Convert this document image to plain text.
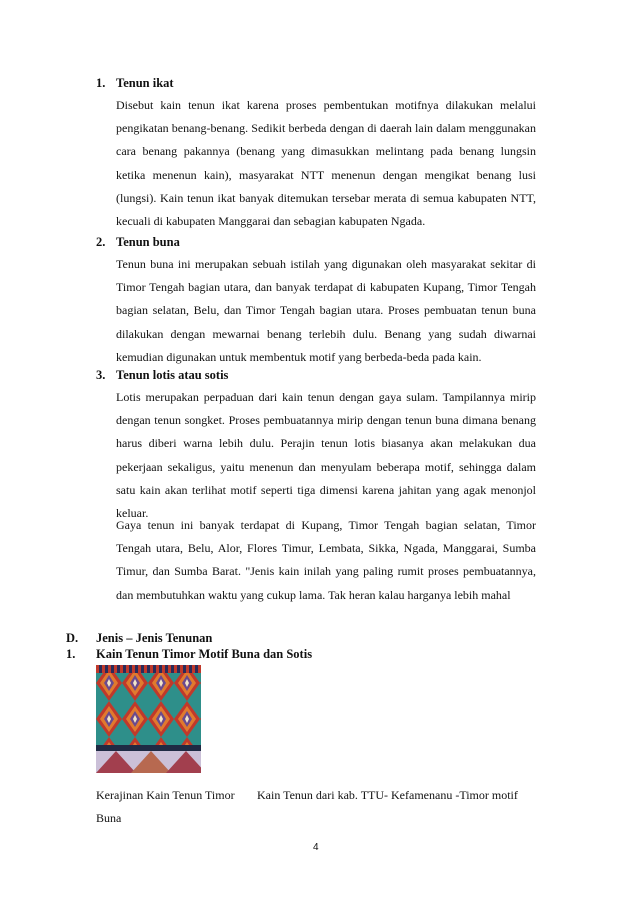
1. Tenun ikat

Disebut kain tenun ikat karena proses pembentukan motifnya dilakukan melalui pengikatan benang-benang. Sedikit berbeda dengan di daerah lain dalam menggunakan cara benang pakannya (benang yang dimasukkan melintang pada benang lungsin ketika menenun kain), masyarakat NTT menenun dengan mengikat benang lusi (lungsi). Kain tenun ikat banyak ditemukan tersebar merata di semua kabupaten NTT, kecuali di kabupaten Manggarai dan sebagian kabupaten Ngada.

2. Tenun buna

Tenun buna ini merupakan sebuah istilah yang digunakan oleh masyarakat sekitar di Timor Tengah bagian utara, dan banyak terdapat di kabupaten Kupang, Timor Tengah bagian selatan, Belu, dan Timor Tengah bagian utara. Proses pembuatan tenun buna dilakukan dengan mewarnai benang terlebih dulu. Benang yang sudah diwarnai kemudian digunakan untuk membentuk motif yang berbeda-beda pada kain.

3. Tenun lotis atau sotis

Lotis merupakan perpaduan dari kain tenun dengan gaya sulam. Tampilannya mirip dengan tenun songket. Proses pembuatannya mirip dengan tenun buna dimana benang harus diberi warna lebih dulu. Perajin tenun lotis biasanya akan melakukan dua pekerjaan sekaligus, yaitu menenun dan menyulam beberapa motif, sehingga dalam satu kain akan terlihat motif seperti tiga dimensi karena jahitan yang agak menonjol keluar.

Gaya tenun ini banyak terdapat di Kupang, Timor Tengah bagian selatan, Timor Tengah utara, Belu, Alor, Flores Timur, Lembata, Sikka, Ngada, Manggarai, Sumba Timur, dan Sumba Barat. "Jenis kain inilah yang paling rumit proses pembuatannya, dan membutuhkan waktu yang cukup lama. Tak heran kalau harganya lebih mahal

D. Jenis – Jenis Tenunan
1. Kain Tenun Timor Motif Buna dan Sotis
Kerajinan Kain Tenun Timor Kain Tenun dari kab. TTU- Kefamenanu -Timor motif
Buna
4
